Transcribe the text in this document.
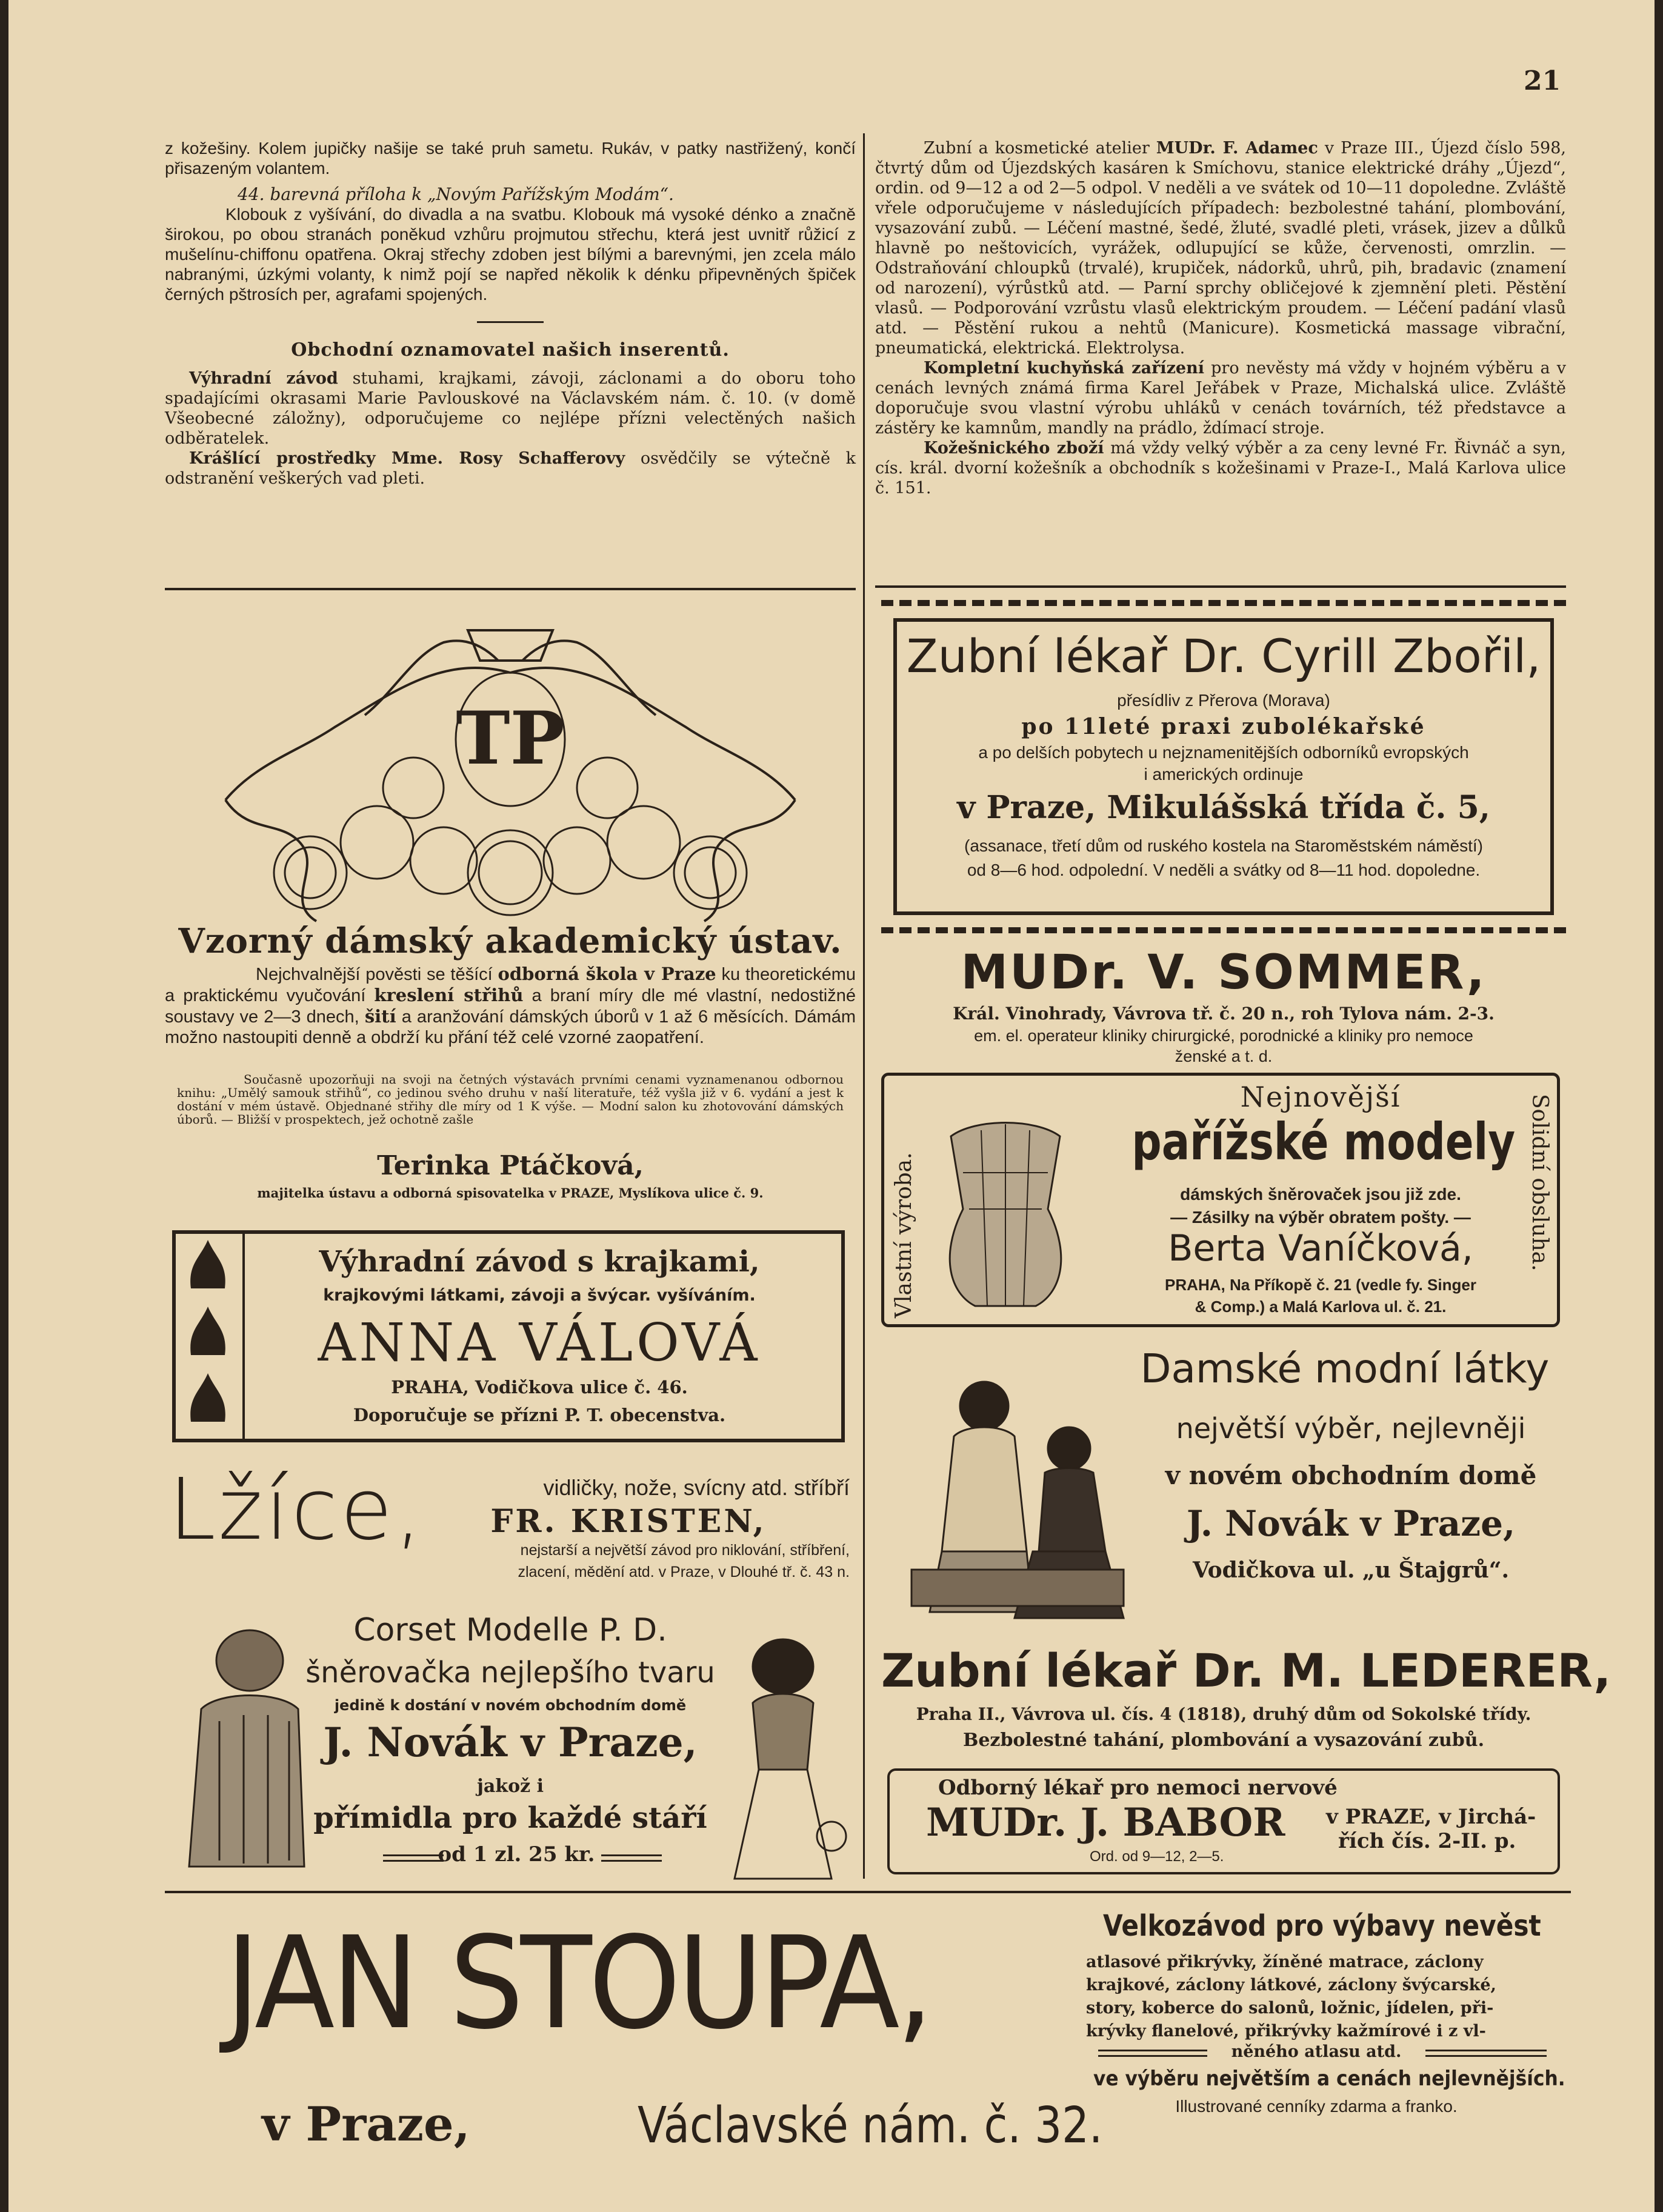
21

z kožešiny. Kolem jupičky našije se také pruh sametu. Rukáv, v patky nastřižený, končí přisazeným volantem.

44. barevná příloha k „Novým Pařížským Modám“.

Klobouk z vyšívání, do divadla a na svatbu. Klobouk má vysoké dénko a značně širokou, po obou stranách poněkud vzhůru projmutou střechu, která jest uvnitř růžicí z mušelínu-chiffonu opatřena. Okraj střechy zdoben jest bílými a barevnými, jen zcela málo nabranými, úzkými volanty, k nimž pojí se napřed několik k dénku připevněných špiček černých pštrosích per, agrafami spojených.

Obchodní oznamovatel našich inserentů.

Výhradní závod stuhami, krajkami, závoji, záclonami a do oboru toho spadajícími okrasami Marie Pavlouskové na Václavském nám. č. 10. (v domě Všeobecné záložny), odporučujeme co nejlépe přízni velectěných našich odběratelek.

Krášlící prostředky Mme. Rosy Schafferovy osvědčily se výtečně k odstranění veškerých vad pleti.

Zubní a kosmetické atelier MUDr. F. Adamec v Praze III., Újezd číslo 598, čtvrtý dům od Újezdských kasáren k Smíchovu, stanice elektrické dráhy „Újezd“, ordin. od 9—12 a od 2—5 odpol. V neděli a ve svátek od 10—11 dopoledne. Zvláště vřele odporučujeme v následujících případech: bezbolestné tahání, plombování, vysazování zubů. — Léčení mastné, šedé, žluté, svadlé pleti, vrásek, jizev a důlků hlavně po neštovicích, vyrážek, odlupující se kůže, červenosti, omrzlin. — Odstraňování chloupků (trvalé), krupiček, nádorků, uhrů, pih, bradavic (znamení od narození), výrůstků atd. — Parní sprchy obličejové k zjemnění pleti. Pěstění vlasů. — Podporování vzrůstu vlasů elektrickým proudem. — Léčení padání vlasů atd. — Pěstění rukou a nehtů (Manicure). Kosmetická massage vibrační, pneumatická, elektrická. Elektrolysa.

Kompletní kuchyňská zařízení pro nevěsty má vždy v hojném výběru a v cenách levných známá firma Karel Jeřábek v Praze, Michalská ulice. Zvláště doporučuje svou vlastní výrobu uhláků v cenách továrních, též představce a zástěry ke kamnům, mandly na prádlo, ždímací stroje.

Kožešnického zboží má vždy velký výběr a za ceny levné Fr. Řivnáč a syn, cís. král. dvorní kožešník a obchodník s kožešinami v Praze-I., Malá Karlova ulice č. 151.

TP

Vzorný dámský akademický ústav.

Nejchvalnější pověsti se těšící odborná škola v Praze ku theoretickému a praktickému vyučování kreslení střihů a braní míry dle mé vlastní, nedostižné soustavy ve 2—3 dnech, šití a aranžování dámských úborů v 1 až 6 měsících. Dámám možno nastoupiti denně a obdrží ku přání též celé vzorné zaopatření.

Současně upozorňuji na svoji na četných výstavách prvními cenami vyznamenanou odbornou knihu: „Umělý samouk střihů“, co jedinou svého druhu v naší literatuře, též vyšla již v 6. vydání a jest k dostání v mém ústavě. Objednané střihy dle míry od 1 K výše. — Modní salon ku zhotovování dámských úborů. — Bližší v prospektech, jež ochotně zašle

Terinka Ptáčková,

majitelka ústavu a odborná spisovatelka v PRAZE, Myslíkova ulice č. 9.

Výhradní závod s krajkami,

krajkovými látkami, závoji a švýcar. vyšíváním.

ANNA VÁLOVÁ

PRAHA, Vodičkova ulice č. 46.

Doporučuje se přízni P. T. obecenstva.

Lžíce,	vidličky, nože, svícny atd. stříbří

FR. KRISTEN,

nejstarší a největší závod pro niklování, stříbření,

zlacení, mědění atd. v Praze, v Dlouhé tř. č. 43 n.

Corset Modelle P. D.

šněrovačka nejlepšího tvaru

jedině k dostání v novém obchodním domě

J. Novák v Praze,

jakož i

přímidla pro každé stáří

od 1 zl. 25 kr.

Zubní lékař Dr. Cyrill Zbořil,

přesídliv z Přerova (Morava)

po 11leté praxi zubolékařské

a po delších pobytech u nejznamenitějších odborníků evropských

i amerických ordinuje

v Praze, Mikulášská třída č. 5,

(assanace, třetí dům od ruského kostela na Staroměstském náměstí)

od 8—6 hod. odpolední. V neděli a svátky od 8—11 hod. dopoledne.

MUDr. V. SOMMER,

Král. Vinohrady, Vávrova tř. č. 20 n., roh Tylova nám. 2-3.

em. el. operateur kliniky chirurgické, porodnické a kliniky pro nemoce

ženské a t. d.

Vlastní výroba.	Solidní obsluha.

Nejnovější

pařížské modely

dámských šněrovaček jsou již zde.

— Zásilky na výběr obratem pošty. —

Berta Vaníčková,

PRAHA, Na Příkopě č. 21 (vedle fy. Singer

& Comp.) a Malá Karlova ul. č. 21.

Damské modní látky

největší výběr, nejlevněji

v novém obchodním domě

J. Novák v Praze,

Vodičkova ul. „u Štajgrů“.

Zubní lékař Dr. M. LEDERER,

Praha II., Vávrova ul. čís. 4 (1818), druhý dům od Sokolské třídy.

Bezbolestné tahání, plombování a vysazování zubů.

Odborný lékař pro nemoci nervové

MUDr. J. BABOR v PRAZE, v Jirchá-

řích čís. 2-II. p.

Ord. od 9—12, 2—5.

JAN STOUPA,

v Praze,	Václavské nám. č. 32.

Velkozávod pro výbavy nevěst

atlasové přikrývky, žíněné matrace, záclony

krajkové, záclony látkové, záclony švýcarské,

story, koberce do salonů, ložnic, jídelen, při-

krývky flanelové, přikrývky kažmírové i z vl-

něného atlasu atd.

ve výběru největším a cenách nejlevnějších.

Illustrované cenníky zdarma a franko.
